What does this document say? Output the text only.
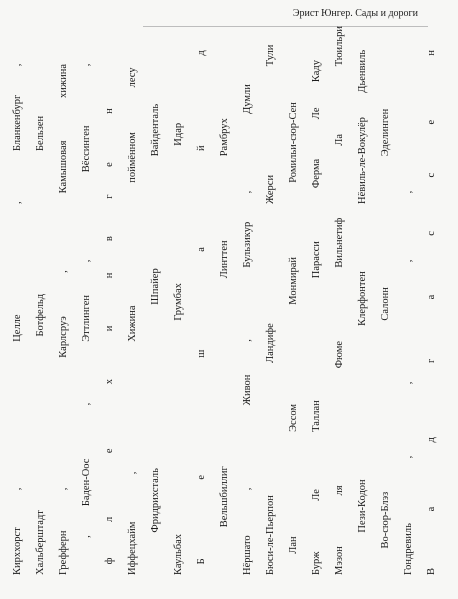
Эрист Юнгер. Сады и дороги
Кирххорст
,
Целле
,
Бланкенбург
,
Хальберштадт
Ботфельд
Бельзен
Грефферн
,
Карлсруэ
,
Камышовая
хижина
,
Баден-Оос
,
Эттлинген
,
Вёссинген
,
ф
л
е
х
и
н
в
г
е
н
Иффецхайм
,
Хижина
поймённом
лесу
Фридрихсталь
Шпайер
Вайденталь
Каульбах
Грумбах
Идар
Б
е
ш
а
й
д
Вельшбиллиг
Линттен
Рамбрух
Нёршато
,
Живон
,
Бульзикур
,
Думли
Бюси-ле-Пьерпон
Ландифе
Жерси
Тули
Лан
Эссом
Монмирай
Ромильи-сюр-Сен
Бурж
Ле
Таллан
Парасси
Ферма
Ле
Каду
Мэзон
ля
Фюме
Вильнетиф
Ла
Тюильри
Пези-Кодон
Клерфонтен
Нёвиль-ле-Вокулёр
Дьенвиль
Во-сюр-Блэз
Салонн
Эделинген
Гондревиль
,
,
,
,
В
а
д
г
а
с
с
е
н
